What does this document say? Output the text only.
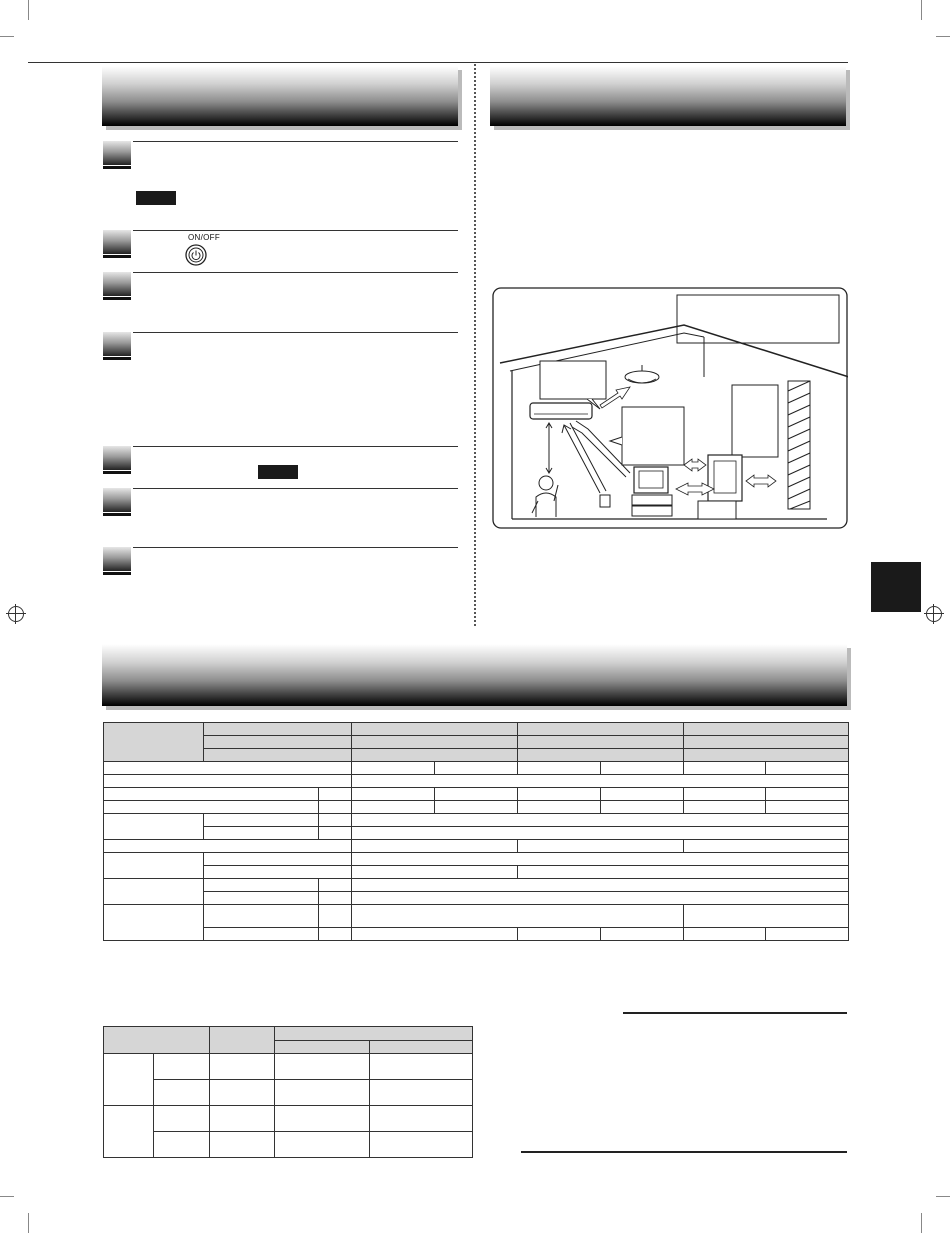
ON/OFF
